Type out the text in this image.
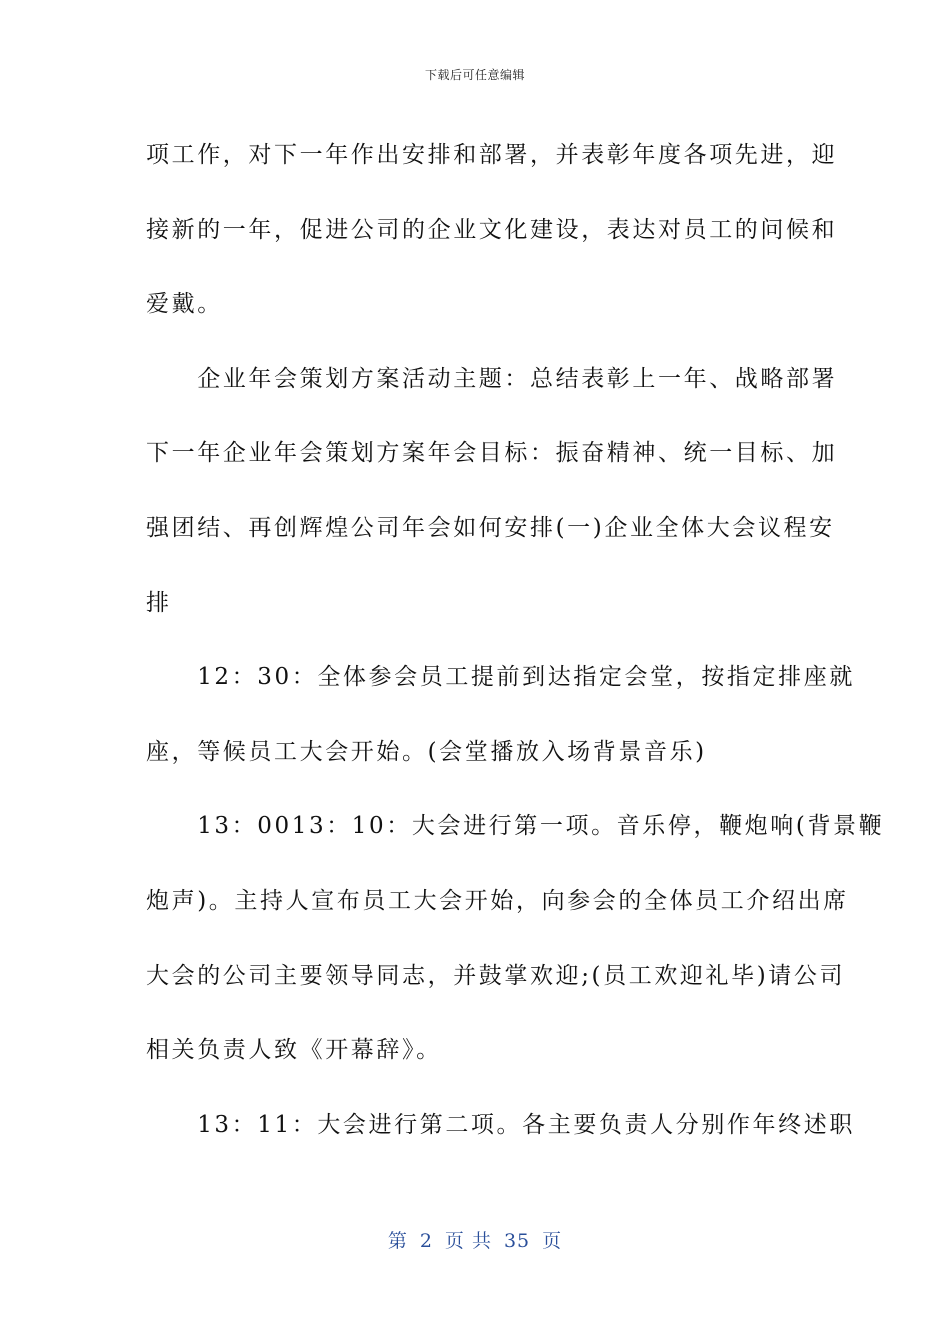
下载后可任意编辑
项工作，对下一年作出安排和部署，并表彰年度各项先进，迎
接新的一年，促进公司的企业文化建设，表达对员工的问候和
爱戴。
　　企业年会策划方案活动主题：总结表彰上一年、战略部署
下一年企业年会策划方案年会目标：振奋精神、统一目标、加
强团结、再创辉煌公司年会如何安排(一)企业全体大会议程安
排
　　12：30：全体参会员工提前到达指定会堂，按指定排座就
座，等候员工大会开始。(会堂播放入场背景音乐)
　　13：0013：10：大会进行第一项。音乐停，鞭炮响(背景鞭
炮声)。主持人宣布员工大会开始，向参会的全体员工介绍出席
大会的公司主要领导同志，并鼓掌欢迎;(员工欢迎礼毕)请公司
相关负责人致《开幕辞》。
　　13：11：大会进行第二项。各主要负责人分别作年终述职
第 2 页 共 35 页
